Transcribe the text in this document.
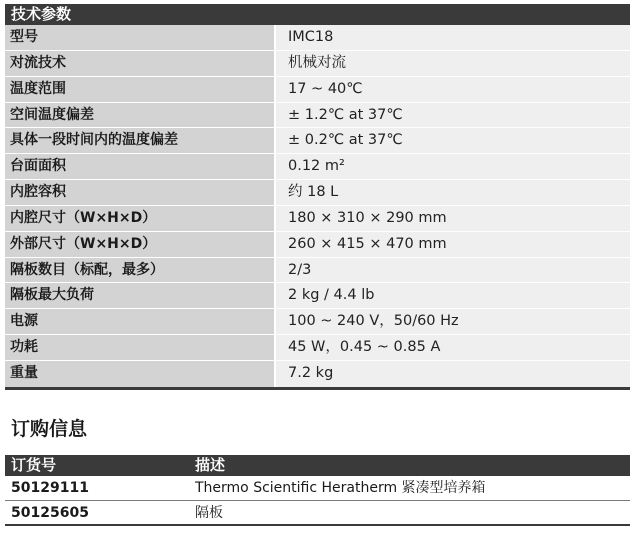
技术参数
型号	IMC18
对流技术	机械对流
温度范围	17 ~ 40℃
空间温度偏差	± 1.2℃ at 37℃
具体一段时间内的温度偏差	± 0.2℃ at 37℃
台面面积	0.12 m²
内腔容积	约 18 L
内腔尺寸（W×H×D）	180 × 310 × 290 mm
外部尺寸（W×H×D）	260 × 415 × 470 mm
隔板数目（标配，最多）	2/3
隔板最大负荷	2 kg / 4.4 lb
电源	100 ~ 240 V，50/60 Hz
功耗	45 W，0.45 ~ 0.85 A
重量	7.2 kg
订购信息
订货号	描述
50129111	Thermo Scientific Heratherm 紧凑型培养箱
50125605	隔板
